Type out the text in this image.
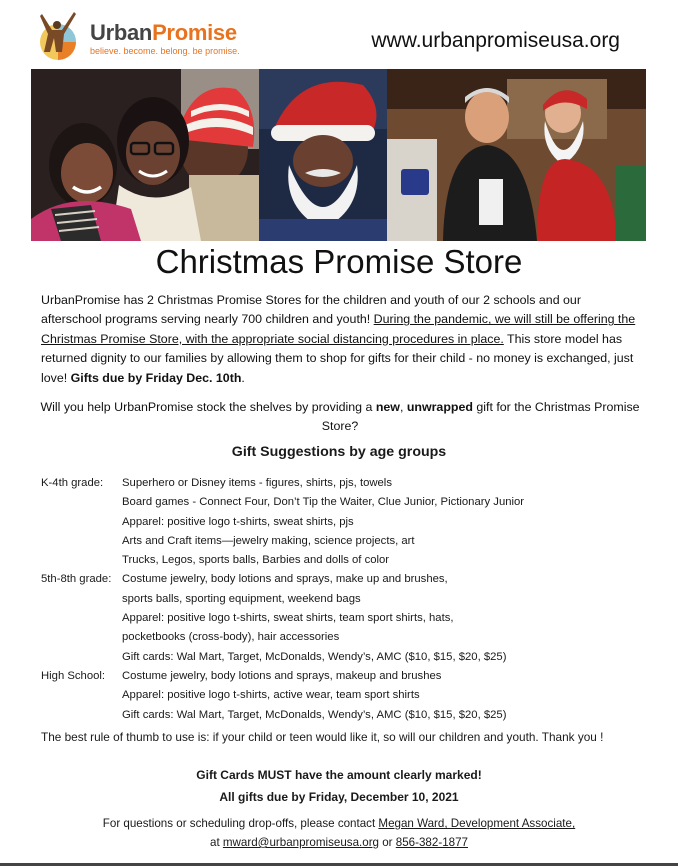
UrbanPromise
believe. become. belong. be promise.	www.urbanpromiseusa.org
Christmas Promise Store
UrbanPromise has 2 Christmas Promise Stores for the children and youth of our 2 schools and our afterschool programs serving nearly 700 children and youth! During the pandemic, we will still be offering the Christmas Promise Store, with the appropriate social distancing procedures in place. This store model has returned dignity to our families by allowing them to shop for gifts for their child - no money is exchanged, just love! Gifts due by Friday Dec. 10th.
Will you help UrbanPromise stock the shelves by providing a new, unwrapped gift for the Christmas Promise Store?
Gift Suggestions by age groups
K-4th grade:	Superhero or Disney items - figures, shirts, pjs, towels
Board games - Connect Four, Don’t Tip the Waiter, Clue Junior, Pictionary Junior
Apparel: positive logo t-shirts, sweat shirts, pjs
Arts and Craft items—jewelry making, science projects, art
Trucks, Legos, sports balls, Barbies and dolls of color
5th-8th grade: Costume jewelry, body lotions and sprays, make up and brushes,
sports balls, sporting equipment, weekend bags
Apparel: positive logo t-shirts, sweat shirts, team sport shirts, hats,
pocketbooks (cross-body), hair accessories
Gift cards: Wal Mart, Target, McDonalds, Wendy’s, AMC ($10, $15, $20, $25)
High School:	Costume jewelry, body lotions and sprays, makeup and brushes
Apparel: positive logo t-shirts, active wear, team sport shirts
Gift cards: Wal Mart, Target, McDonalds, Wendy’s, AMC ($10, $15, $20, $25)
The best rule of thumb to use is: if your child or teen would like it, so will our children and youth. Thank you !
Gift Cards MUST have the amount clearly marked!
All gifts due by Friday, December 10, 2021
For questions or scheduling drop-offs, please contact Megan Ward, Development Associate,
at mward@urbanpromiseusa.org or 856-382-1877
